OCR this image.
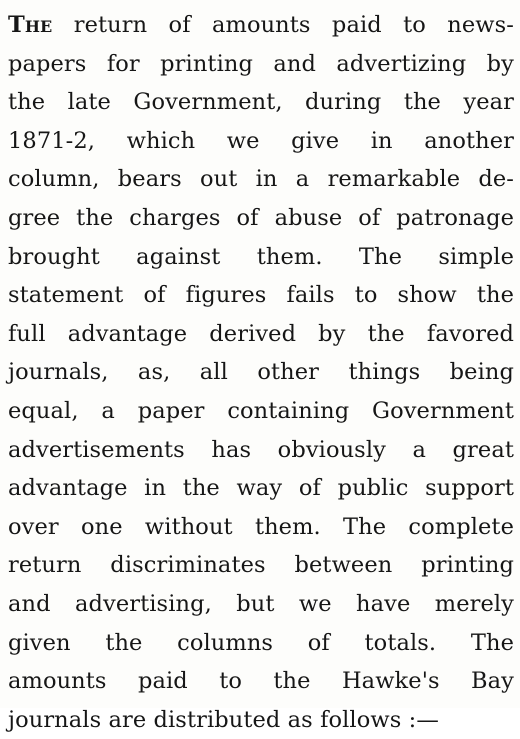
The return of amounts paid to news-
papers for printing and advertizing by
the late Government, during the year
1871-2, which we give in another
column, bears out in a remarkable de-
gree the charges of abuse of patronage
brought against them. The simple
statement of figures fails to show the
full advantage derived by the favored
journals, as, all other things being
equal, a paper containing Government
advertisements has obviously a great
advantage in the way of public support
over one without them. The complete
return discriminates between printing
and advertising, but we have merely
given the columns of totals. The
amounts paid to the Hawke's Bay
journals are distributed as follows :—
